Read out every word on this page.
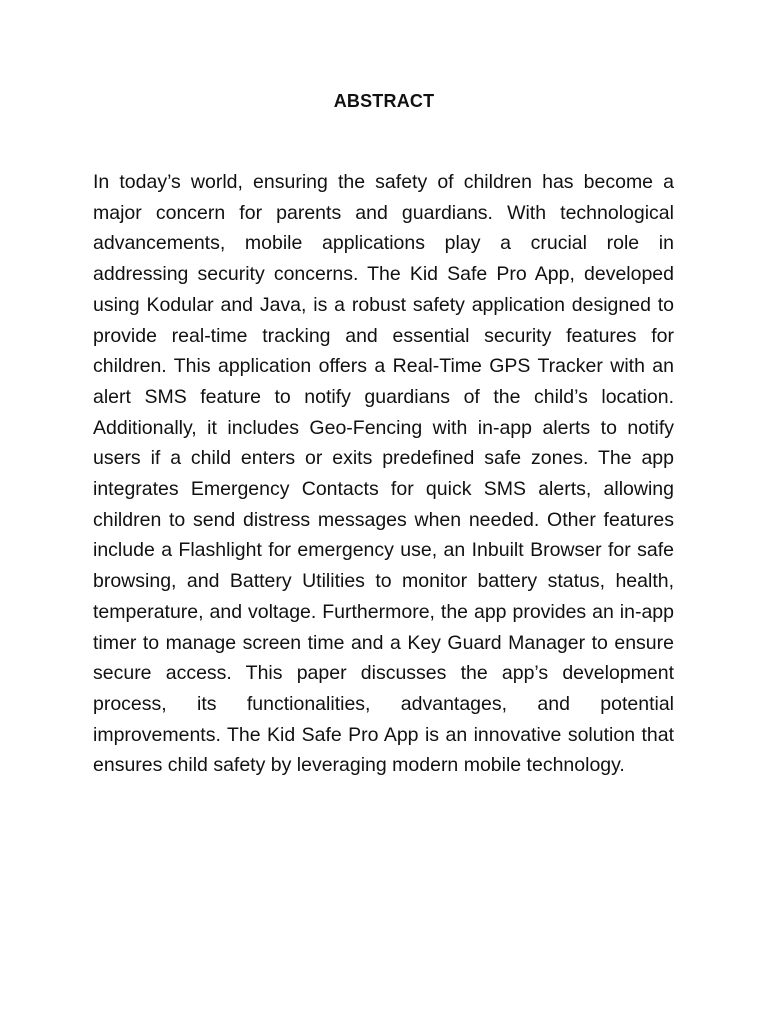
ABSTRACT

In today’s world, ensuring the safety of children has become a major concern for parents and guardians. With technological advancements, mobile applications play a crucial role in addressing security concerns. The Kid Safe Pro App, developed using Kodular and Java, is a robust safety application designed to provide real-time tracking and essential security features for children. This application offers a Real-Time GPS Tracker with an alert SMS feature to notify guardians of the child’s location. Additionally, it includes Geo-Fencing with in-app alerts to notify users if a child enters or exits predefined safe zones. The app integrates Emergency Contacts for quick SMS alerts, allowing children to send distress messages when needed. Other features include a Flashlight for emergency use, an Inbuilt Browser for safe browsing, and Battery Utilities to monitor battery status, health, temperature, and voltage. Furthermore, the app provides an in-app timer to manage screen time and a Key Guard Manager to ensure secure access. This paper discusses the app’s development process, its functionalities, advantages, and potential improvements. The Kid Safe Pro App is an innovative solution that ensures child safety by leveraging modern mobile technology.
